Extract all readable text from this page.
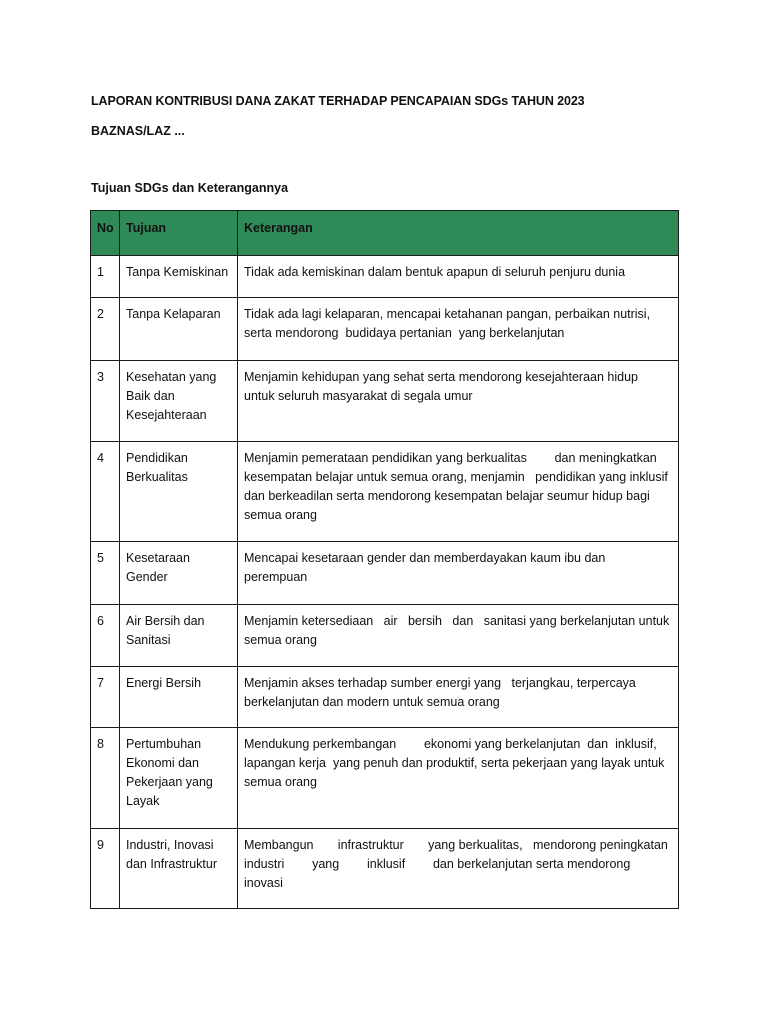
LAPORAN KONTRIBUSI DANA ZAKAT TERHADAP PENCAPAIAN SDGs TAHUN 2023
BAZNAS/LAZ ...
Tujuan SDGs dan Keterangannya
No	Tujuan	Keterangan
1	Tanpa Kemiskinan	Tidak ada kemiskinan dalam bentuk apapun di seluruh penjuru dunia
2	Tanpa Kelaparan	Tidak ada lagi kelaparan, mencapai ketahanan pangan, perbaikan nutrisi, serta mendorong  budidaya pertanian  yang berkelanjutan
3	Kesehatan yang Baik dan Kesejahteraan	Menjamin kehidupan yang sehat serta mendorong kesejahteraan hidup untuk seluruh masyarakat di segala umur
4	Pendidikan Berkualitas	Menjamin pemerataan pendidikan yang berkualitas        dan meningkatkan kesempatan belajar untuk semua orang, menjamin   pendidikan yang inklusif dan berkeadilan serta mendorong kesempatan belajar seumur hidup bagi semua orang
5	Kesetaraan Gender	Mencapai kesetaraan gender dan memberdayakan kaum ibu dan perempuan
6	Air Bersih dan Sanitasi	Menjamin ketersediaan   air   bersih   dan   sanitasi yang berkelanjutan untuk semua orang
7	Energi Bersih	Menjamin akses terhadap sumber energi yang   terjangkau, terpercaya berkelanjutan dan modern untuk semua orang
8	Pertumbuhan Ekonomi dan Pekerjaan yang Layak	Mendukung perkembangan        ekonomi yang berkelanjutan  dan  inklusif, lapangan kerja  yang penuh dan produktif, serta pekerjaan yang layak untuk semua orang
9	Industri, Inovasi dan Infrastruktur	Membangun       infrastruktur       yang berkualitas,   mendorong peningkatan industri        yang        inklusif        dan berkelanjutan serta mendorong inovasi
